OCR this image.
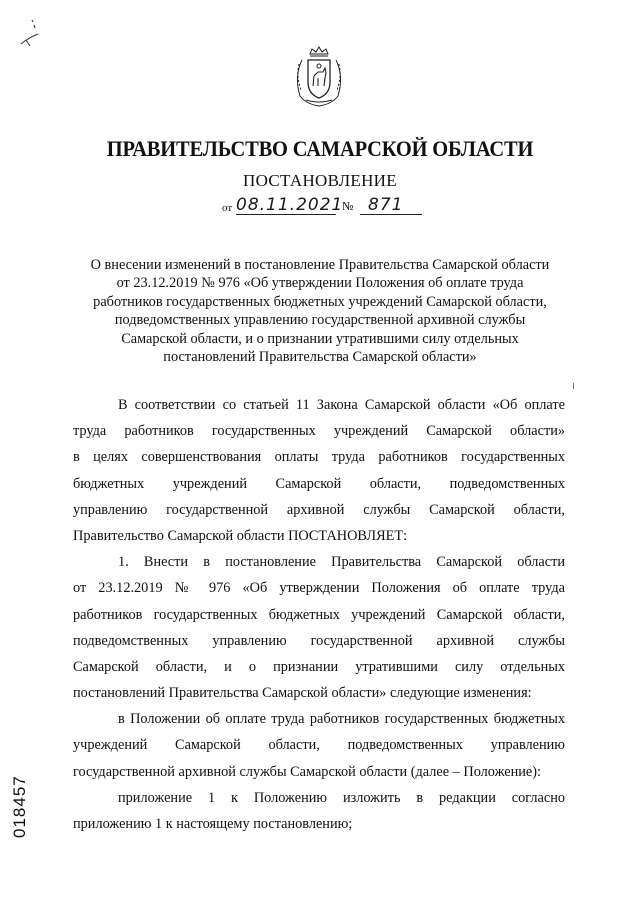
ПРАВИТЕЛЬСТВО САМАРСКОЙ ОБЛАСТИ
ПОСТАНОВЛЕНИЕ
от 08.11.2021
№ 871
О внесении изменений в постановление Правительства Самарской области
от 23.12.2019 № 976 «Об утверждении Положения об оплате труда
работников государственных бюджетных учреждений Самарской области,
подведомственных управлению государственной архивной службы
Самарской области, и о признании утратившими силу отдельных
постановлений Правительства Самарской области»
В соответствии со статьей 11 Закона Самарской области «Об оплате
труда работников государственных учреждений Самарской области»
в целях совершенствования оплаты труда работников государственных
бюджетных учреждений Самарской области, подведомственных
управлению государственной архивной службы Самарской области,
Правительство Самарской области ПОСТАНОВЛЯЕТ:
1. Внести в постановление Правительства Самарской области
от 23.12.2019 № 976 «Об утверждении Положения об оплате труда
работников государственных бюджетных учреждений Самарской области,
подведомственных управлению государственной архивной службы
Самарской области, и о признании утратившими силу отдельных
постановлений Правительства Самарской области» следующие изменения:
в Положении об оплате труда работников государственных бюджетных
учреждений Самарской области, подведомственных управлению
государственной архивной службы Самарской области (далее – Положение):
приложение 1 к Положению изложить в редакции согласно
приложению 1 к настоящему постановлению;
018457
